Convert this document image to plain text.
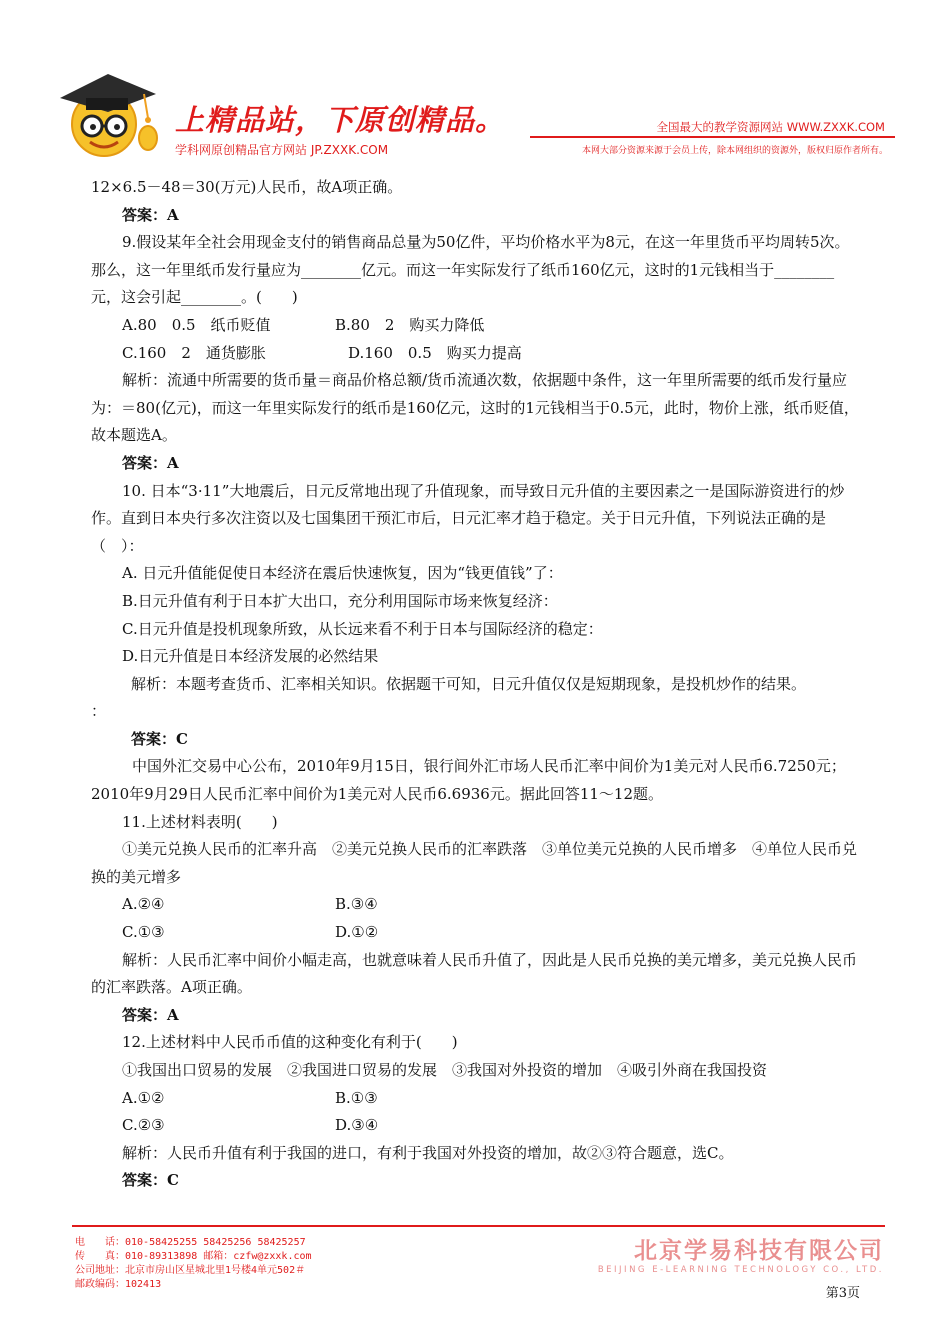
上精品站，下原创精品。	全国最大的教学资源网站 WWW.ZXXK.COM
学科网原创精品官方网站 JP.ZXXK.COM	本网大部分资源来源于会员上传，除本网组织的资源外，版权归原作者所有。

12×6.5－48＝30(万元)人民币，故A项正确。

答案：A

9.假设某年全社会用现金支付的销售商品总量为50亿件，平均价格水平为8元，在这一年里货币平均周转5次。那么，这一年里纸币发行量应为________亿元。而这一年实际发行了纸币160亿元，这时的1元钱相当于________元，这会引起________。(　　)

A.80　0.5　纸币贬值	B.80　2　购买力降低
C.160　2　通货膨胀	D.160　0.5　购买力提高

解析：流通中所需要的货币量＝商品价格总额/货币流通次数，依据题中条件，这一年里所需要的纸币发行量应为：＝80(亿元)，而这一年里实际发行的纸币是160亿元，这时的1元钱相当于0.5元，此时，物价上涨，纸币贬值，故本题选A。

答案：A

10. 日本“3·11”大地震后，日元反常地出现了升值现象，而导致日元升值的主要因素之一是国际游资进行的炒作。直到日本央行多次注资以及七国集团干预汇市后，日元汇率才趋于稳定。关于日元升值，下列说法正确的是（　）：

A. 日元升值能促使日本经济在震后快速恢复，因为“钱更值钱”了：

B.日元升值有利于日本扩大出口，充分利用国际市场来恢复经济：

C.日元升值是投机现象所致，从长远来看不利于日本与国际经济的稳定：

D.日元升值是日本经济发展的必然结果

解析：本题考查货币、汇率相关知识。依据题干可知，日元升值仅仅是短期现象，是投机炒作的结果。

：

答案：C

中国外汇交易中心公布，2010年9月15日，银行间外汇市场人民币汇率中间价为1美元对人民币6.7250元；2010年9月29日人民币汇率中间价为1美元对人民币6.6936元。据此回答11～12题。

11.上述材料表明(　　)

①美元兑换人民币的汇率升高　②美元兑换人民币的汇率跌落　③单位美元兑换的人民币增多　④单位人民币兑换的美元增多

A.②④	B.③④
C.①③	D.①②

解析：人民币汇率中间价小幅走高，也就意味着人民币升值了，因此是人民币兑换的美元增多，美元兑换人民币的汇率跌落。A项正确。

答案：A

12.上述材料中人民币币值的这种变化有利于(　　)

①我国出口贸易的发展　②我国进口贸易的发展　③我国对外投资的增加　④吸引外商在我国投资

A.①②	B.①③
C.②③	D.③④

解析：人民币升值有利于我国的进口，有利于我国对外投资的增加，故②③符合题意，选C。

答案：C

电　　话：010-58425255 58425256 58425257
传　　真：010-89313898 邮箱：czfw@zxxk.com
公司地址：北京市房山区星城北里1号楼4单元502＃
邮政编码：102413
北京学易科技有限公司
BEIJING E-LEARNING TECHNOLOGY CO., LTD.
第3页
